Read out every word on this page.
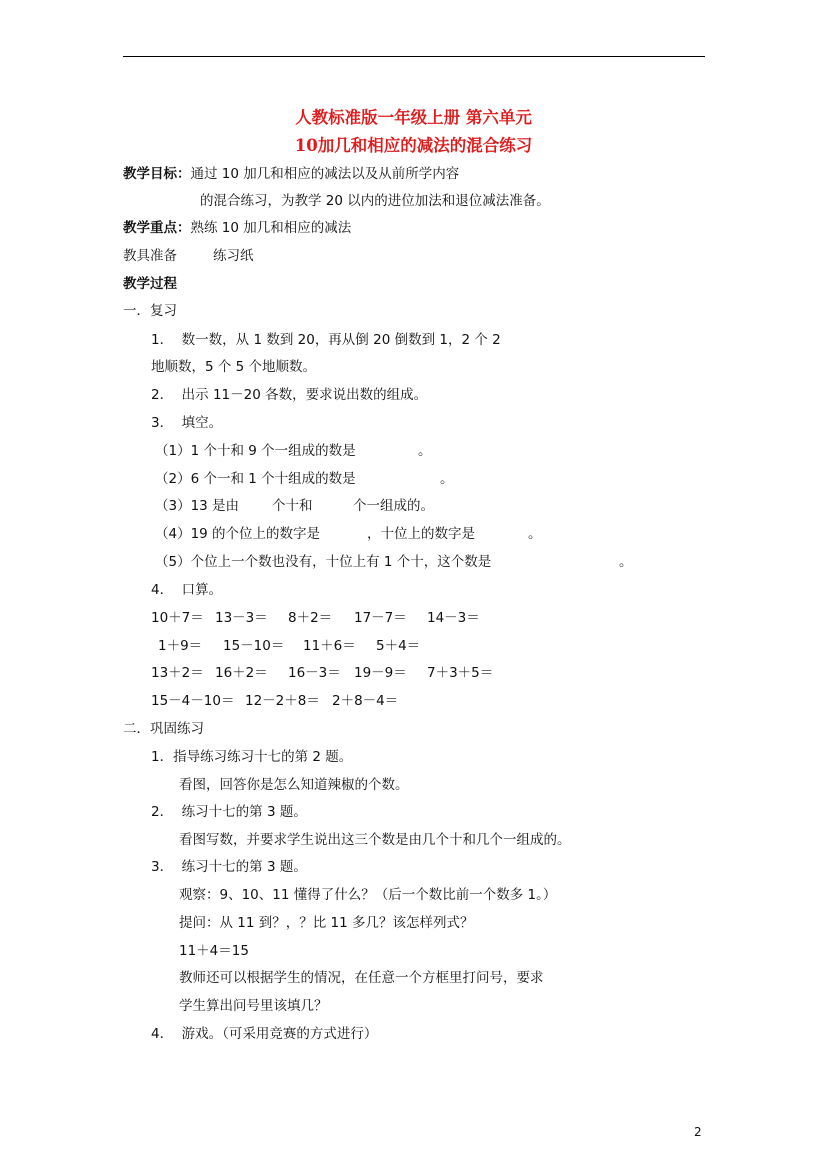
人教标准版一年级上册 第六单元
10加几和相应的减法的混合练习
教学目标：通过 10 加几和相应的减法以及从前所学内容
的混合练习，为教学 20 以内的进位加法和退位减法准备。
教学重点：熟练 10 加几和相应的减法
教具准备	练习纸
教学过程
一．复习
1．  数一数，从 1 数到 20，再从倒 20 倒数到 1，2 个 2
地顺数，5 个 5 个地顺数。
2．  出示 11－20 各数，要求说出数的组成。
3．  填空。
（1）1 个十和 9 个一组成的数是	。
（2）6 个一和 1 个十组成的数是	。
（3）13 是由 个十和	个一组成的。
（4）19 的个位上的数字是	，十位上的数字是	。
（5）个位上一个数也没有，十位上有 1 个十，这个数是	。
4．  口算。
10＋7＝ 13－3＝ 8＋2＝ 17－7＝ 14－3＝
1＋9＝ 15－10＝ 11＋6＝ 5＋4＝
13＋2＝ 16＋2＝ 16－3＝ 19－9＝ 7＋3＋5＝
15－4－10＝ 12－2＋8＝ 2＋8－4＝
二．巩固练习
1．指导练习练习十七的第 2 题。
看图，回答你是怎么知道辣椒的个数。
2．  练习十七的第 3 题。
看图写数，并要求学生说出这三个数是由几个十和几个一组成的。
3．  练习十七的第 3 题。
观察：9、10、11 懂得了什么？（后一个数比前一个数多 1。）
提问：从 11 到？，？比 11 多几？该怎样列式？
11＋4＝15
教师还可以根据学生的情况，在任意一个方框里打问号，要求
学生算出问号里该填几？
4．  游戏。（可采用竞赛的方式进行）
2
